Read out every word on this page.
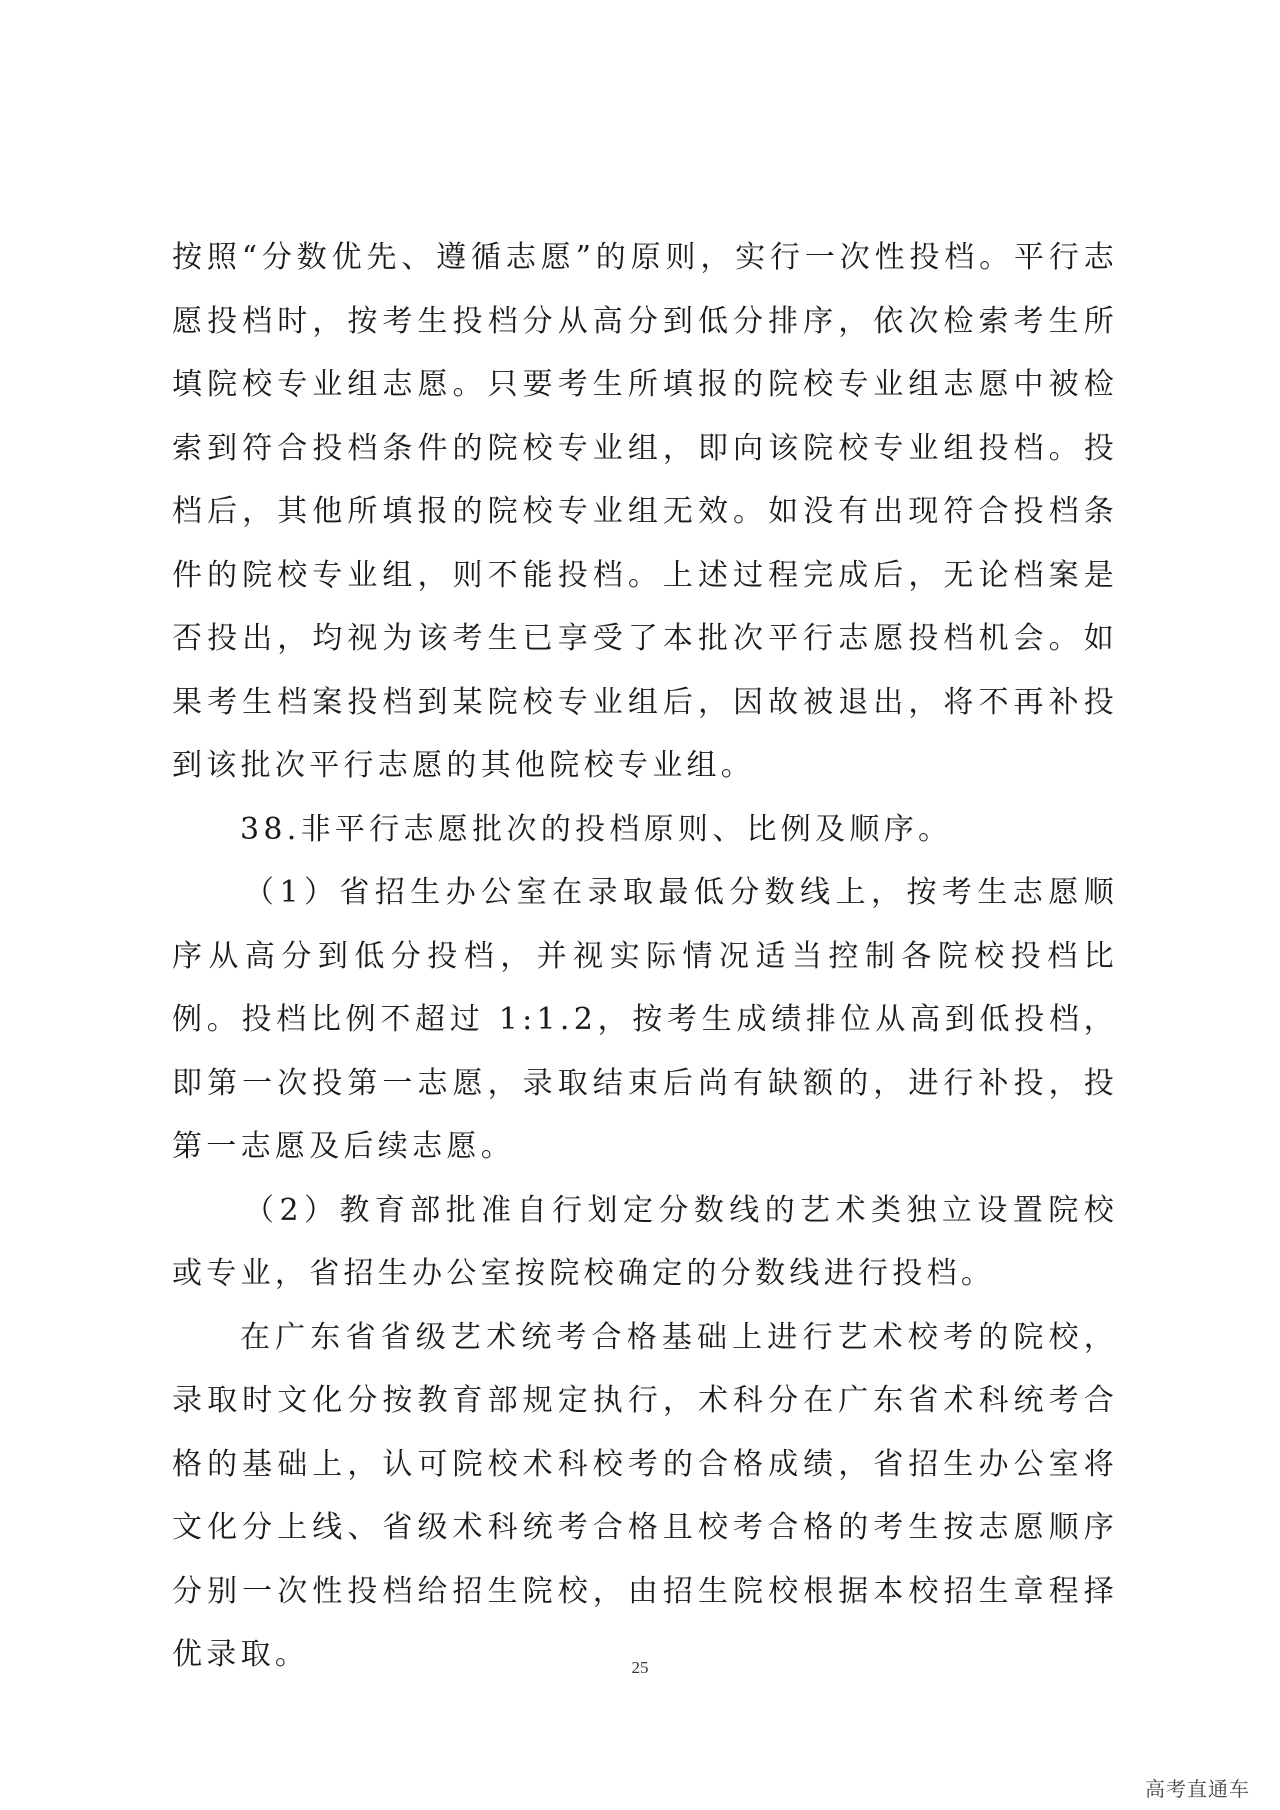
按照“分数优先、遵循志愿”的原则，实行一次性投档。平行志愿投档时，按考生投档分从高分到低分排序，依次检索考生所填院校专业组志愿。只要考生所填报的院校专业组志愿中被检索到符合投档条件的院校专业组，即向该院校专业组投档。投档后，其他所填报的院校专业组无效。如没有出现符合投档条件的院校专业组，则不能投档。上述过程完成后，无论档案是否投出，均视为该考生已享受了本批次平行志愿投档机会。如果考生档案投档到某院校专业组后，因故被退出，将不再补投到该批次平行志愿的其他院校专业组。

38.非平行志愿批次的投档原则、比例及顺序。

（1）省招生办公室在录取最低分数线上，按考生志愿顺序从高分到低分投档，并视实际情况适当控制各院校投档比例。投档比例不超过 1:1.2，按考生成绩排位从高到低投档，即第一次投第一志愿，录取结束后尚有缺额的，进行补投，投第一志愿及后续志愿。

（2）教育部批准自行划定分数线的艺术类独立设置院校或专业，省招生办公室按院校确定的分数线进行投档。

在广东省省级艺术统考合格基础上进行艺术校考的院校，录取时文化分按教育部规定执行，术科分在广东省术科统考合格的基础上，认可院校术科校考的合格成绩，省招生办公室将文化分上线、省级术科统考合格且校考合格的考生按志愿顺序分别一次性投档给招生院校，由招生院校根据本校招生章程择优录取。	25
高考直通车
